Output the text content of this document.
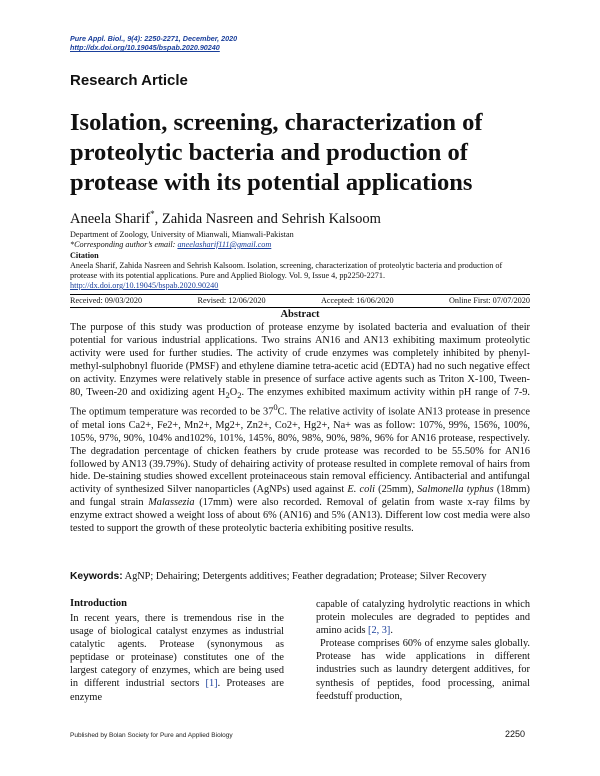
Pure Appl. Biol., 9(4): 2250-2271, December, 2020
http://dx.doi.org/10.19045/bspab.2020.90240
Research Article
Isolation, screening, characterization of proteolytic bacteria and production of protease with its potential applications
Aneela Sharif*, Zahida Nasreen and Sehrish Kalsoom
Department of Zoology, University of Mianwali, Mianwali-Pakistan
*Corresponding author’s email: aneelasharif111@gmail.com
Citation
Aneela Sharif, Zahida Nasreen and Sehrish Kalsoom. Isolation, screening, characterization of proteolytic bacteria and production of protease with its potential applications. Pure and Applied Biology. Vol. 9, Issue 4, pp2250-2271. http://dx.doi.org/10.19045/bspab.2020.90240
Received: 09/03/2020	Revised: 12/06/2020	Accepted: 16/06/2020	Online First: 07/07/2020
Abstract
The purpose of this study was production of protease enzyme by isolated bacteria and evaluation of their potential for various industrial applications. Two strains AN16 and AN13 exhibiting maximum proteolytic activity were used for further studies. The activity of crude enzymes was completely inhibited by phenyl-methyl-sulphobnyl fluoride (PMSF) and ethylene diamine tetra-acetic acid (EDTA) had no such negative effect on activity. Enzymes were relatively stable in presence of surface active agents such as Triton X-100, Tween-80, Tween-20 and oxidizing agent $H_2O_2$. The enzymes exhibited maximum activity within pH range of 7-9. The optimum temperature was recorded to be $37^0C$. The relative activity of isolate AN13 protease in presence of metal ions Ca2+, Fe2+, Mn2+, Mg2+, Zn2+, Co2+, Hg2+, Na+ was as follow: 107%, 99%, 156%, 100%, 105%, 97%, 90%, 104% and102%, 101%, 145%, 80%, 98%, 90%, 98%, 96% for AN16 protease, respectively. The degradation percentage of chicken feathers by crude protease was recorded to be 55.50% for AN16 followed by AN13 (39.79%). Study of dehairing activity of protease resulted in complete removal of hairs from hide. De-staining studies showed excellent proteinaceous stain removal efficiency. Antibacterial and antifungal activity of synthesized Silver nanoparticles (AgNPs) used against E. coli (25mm), Salmonella typhus (18mm) and fungal strain Malassezia (17mm) were also recorded. Removal of gelatin from waste x-ray films by enzyme extract showed a weight loss of about 6% (AN16) and 5% (AN13). Different low cost media were also tested to support the growth of these proteolytic bacteria exhibiting positive results.
Keywords: AgNP; Dehairing; Detergents additives; Feather degradation; Protease; Silver Recovery
Introduction
In recent years, there is tremendous rise in the usage of biological catalyst enzymes as industrial catalytic agents. Protease (synonymous as peptidase or proteinase) constitutes one of the largest category of enzymes, which are being used in different industrial sectors [1]. Proteases are enzyme
capable of catalyzing hydrolytic reactions in which protein molecules are degraded to peptides and amino acids [2, 3].
Protease comprises 60% of enzyme sales globally. Protease has wide applications in different industries such as laundry detergent additives, for synthesis of peptides, food processing, animal feedstuff production,
Published by Bolan Society for Pure and Applied Biology	2250
